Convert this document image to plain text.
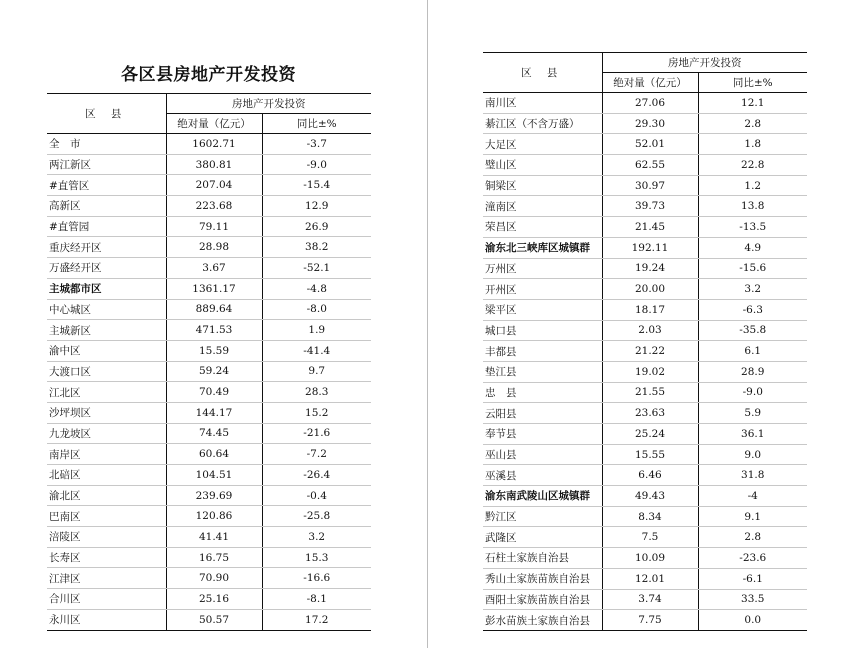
各区县房地产开发投资
区 县	房地产开发投资	
	绝对量（亿元）	同比±%
全　市	1602.71	-3.7
两江新区	380.81	-9.0
#直管区	207.04	-15.4
高新区	223.68	12.9
#直管园	79.11	26.9
重庆经开区	28.98	38.2
万盛经开区	3.67	-52.1
主城都市区	1361.17	-4.8
中心城区	889.64	-8.0
主城新区	471.53	1.9
渝中区	15.59	-41.4
大渡口区	59.24	9.7
江北区	70.49	28.3
沙坪坝区	144.17	15.2
九龙坡区	74.45	-21.6
南岸区	60.64	-7.2
北碚区	104.51	-26.4
渝北区	239.69	-0.4
巴南区	120.86	-25.8
涪陵区	41.41	3.2
长寿区	16.75	15.3
江津区	70.90	-16.6
合川区	25.16	-8.1
永川区	50.57	17.2
区 县	房地产开发投资	
	绝对量（亿元）	同比±%
南川区	27.06	12.1
綦江区（不含万盛）	29.30	2.8
大足区	52.01	1.8
璧山区	62.55	22.8
铜梁区	30.97	1.2
潼南区	39.73	13.8
荣昌区	21.45	-13.5
渝东北三峡库区城镇群	192.11	4.9
万州区	19.24	-15.6
开州区	20.00	3.2
梁平区	18.17	-6.3
城口县	2.03	-35.8
丰都县	21.22	6.1
垫江县	19.02	28.9
忠　县	21.55	-9.0
云阳县	23.63	5.9
奉节县	25.24	36.1
巫山县	15.55	9.0
巫溪县	6.46	31.8
渝东南武陵山区城镇群	49.43	-4
黔江区	8.34	9.1
武隆区	7.5	2.8
石柱土家族自治县	10.09	-23.6
秀山土家族苗族自治县	12.01	-6.1
酉阳土家族苗族自治县	3.74	33.5
彭水苗族土家族自治县	7.75	0.0
